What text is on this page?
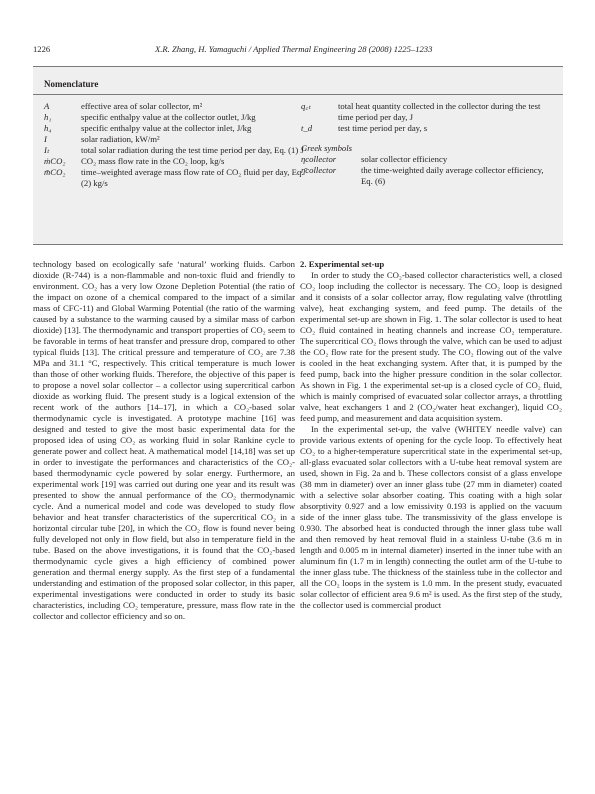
1226	X.R. Zhang, H. Yamaguchi / Applied Thermal Engineering 28 (2008) 1225–1233
Nomenclature
A	effective area of solar collector, m²
h₁	specific enthalpy value at the collector outlet, J/kg
h₄	specific enthalpy value at the collector inlet, J/kg
I	solar radiation, kW/m²
Iₜ	total solar radiation during the test time period per day, Eq. (1) J
ṁCO₂	CO₂ mass flow rate in the CO₂ loop, kg/s
m̄CO₂	time–weighted average mass flow rate of CO₂ fluid per day, Eq. (2) kg/s
q꜀ₜ	total heat quantity collected in the collector during the test time period per day, J
t_d	test time period per day, s
Greek symbols
ηcollector	solar collector efficiency
η̄collector	the time-weighted daily average collector efficiency, Eq. (6)

technology based on ecologically safe ‘natural’ working fluids. Carbon dioxide (R-744) is a non-flammable and non-toxic fluid and friendly to environment. CO₂ has a very low Ozone Depletion Potential (the ratio of the impact on ozone of a chemical compared to the impact of a similar mass of CFC-11) and Global Warming Potential (the ratio of the warming caused by a substance to the warming caused by a similar mass of carbon dioxide) [13]. The thermodynamic and transport properties of CO₂ seem to be favorable in terms of heat transfer and pressure drop, compared to other typical fluids [13]. The critical pressure and temperature of CO₂ are 7.38 MPa and 31.1 °C, respectively. This critical temperature is much lower than those of other working fluids. Therefore, the objective of this paper is to propose a novel solar collector – a collector using supercritical carbon dioxide as working fluid. The present study is a logical extension of the recent work of the authors [14–17], in which a CO₂-based solar thermodynamic cycle is investigated. A prototype machine [16] was designed and tested to give the most basic experimental data for the proposed idea of using CO₂ as working fluid in solar Rankine cycle to generate power and collect heat. A mathematical model [14,18] was set up in order to investigate the performances and characteristics of the CO₂-based thermodynamic cycle powered by solar energy. Furthermore, an experimental work [19] was carried out during one year and its result was presented to show the annual performance of the CO₂ thermodynamic cycle. And a numerical model and code was developed to study flow behavior and heat transfer characteristics of the supercritical CO₂ in a horizontal circular tube [20], in which the CO₂ flow is found never being fully developed not only in flow field, but also in temperature field in the tube. Based on the above investigations, it is found that the CO₂-based thermodynamic cycle gives a high efficiency of combined power generation and thermal energy supply. As the first step of a fundamental understanding and estimation of the proposed solar collector, in this paper, experimental investigations were conducted in order to study its basic characteristics, including CO₂ temperature, pressure, mass flow rate in the collector and collector efficiency and so on.

2. Experimental set-up

In order to study the CO₂-based collector characteristics well, a closed CO₂ loop including the collector is necessary. The CO₂ loop is designed and it consists of a solar collector array, flow regulating valve (throttling valve), heat exchanging system, and feed pump. The details of the experimental set-up are shown in Fig. 1. The solar collector is used to heat CO₂ fluid contained in heating channels and increase CO₂ temperature. The supercritical CO₂ flows through the valve, which can be used to adjust the CO₂ flow rate for the present study. The CO₂ flowing out of the valve is cooled in the heat exchanging system. After that, it is pumped by the feed pump, back into the higher pressure condition in the solar collector. As shown in Fig. 1 the experimental set-up is a closed cycle of CO₂ fluid, which is mainly comprised of evacuated solar collector arrays, a throttling valve, heat exchangers 1 and 2 (CO₂/water heat exchanger), liquid CO₂ feed pump, and measurement and data acquisition system.

In the experimental set-up, the valve (WHITEY needle valve) can provide various extents of opening for the cycle loop. To effectively heat CO₂ to a higher-temperature supercritical state in the experimental set-up, all-glass evacuated solar collectors with a U-tube heat removal system are used, shown in Fig. 2a and b. These collectors consist of a glass envelope (38 mm in diameter) over an inner glass tube (27 mm in diameter) coated with a selective solar absorber coating. This coating with a high solar absorptivity 0.927 and a low emissivity 0.193 is applied on the vacuum side of the inner glass tube. The transmissivity of the glass envelope is 0.930. The absorbed heat is conducted through the inner glass tube wall and then removed by heat removal fluid in a stainless U-tube (3.6 m in length and 0.005 m in internal diameter) inserted in the inner tube with an aluminum fin (1.7 m in length) connecting the outlet arm of the U-tube to the inner glass tube. The thickness of the stainless tube in the collector and all the CO₂ loops in the system is 1.0 mm. In the present study, evacuated solar collector of efficient area 9.6 m² is used. As the first step of the study, the collector used is commercial product
